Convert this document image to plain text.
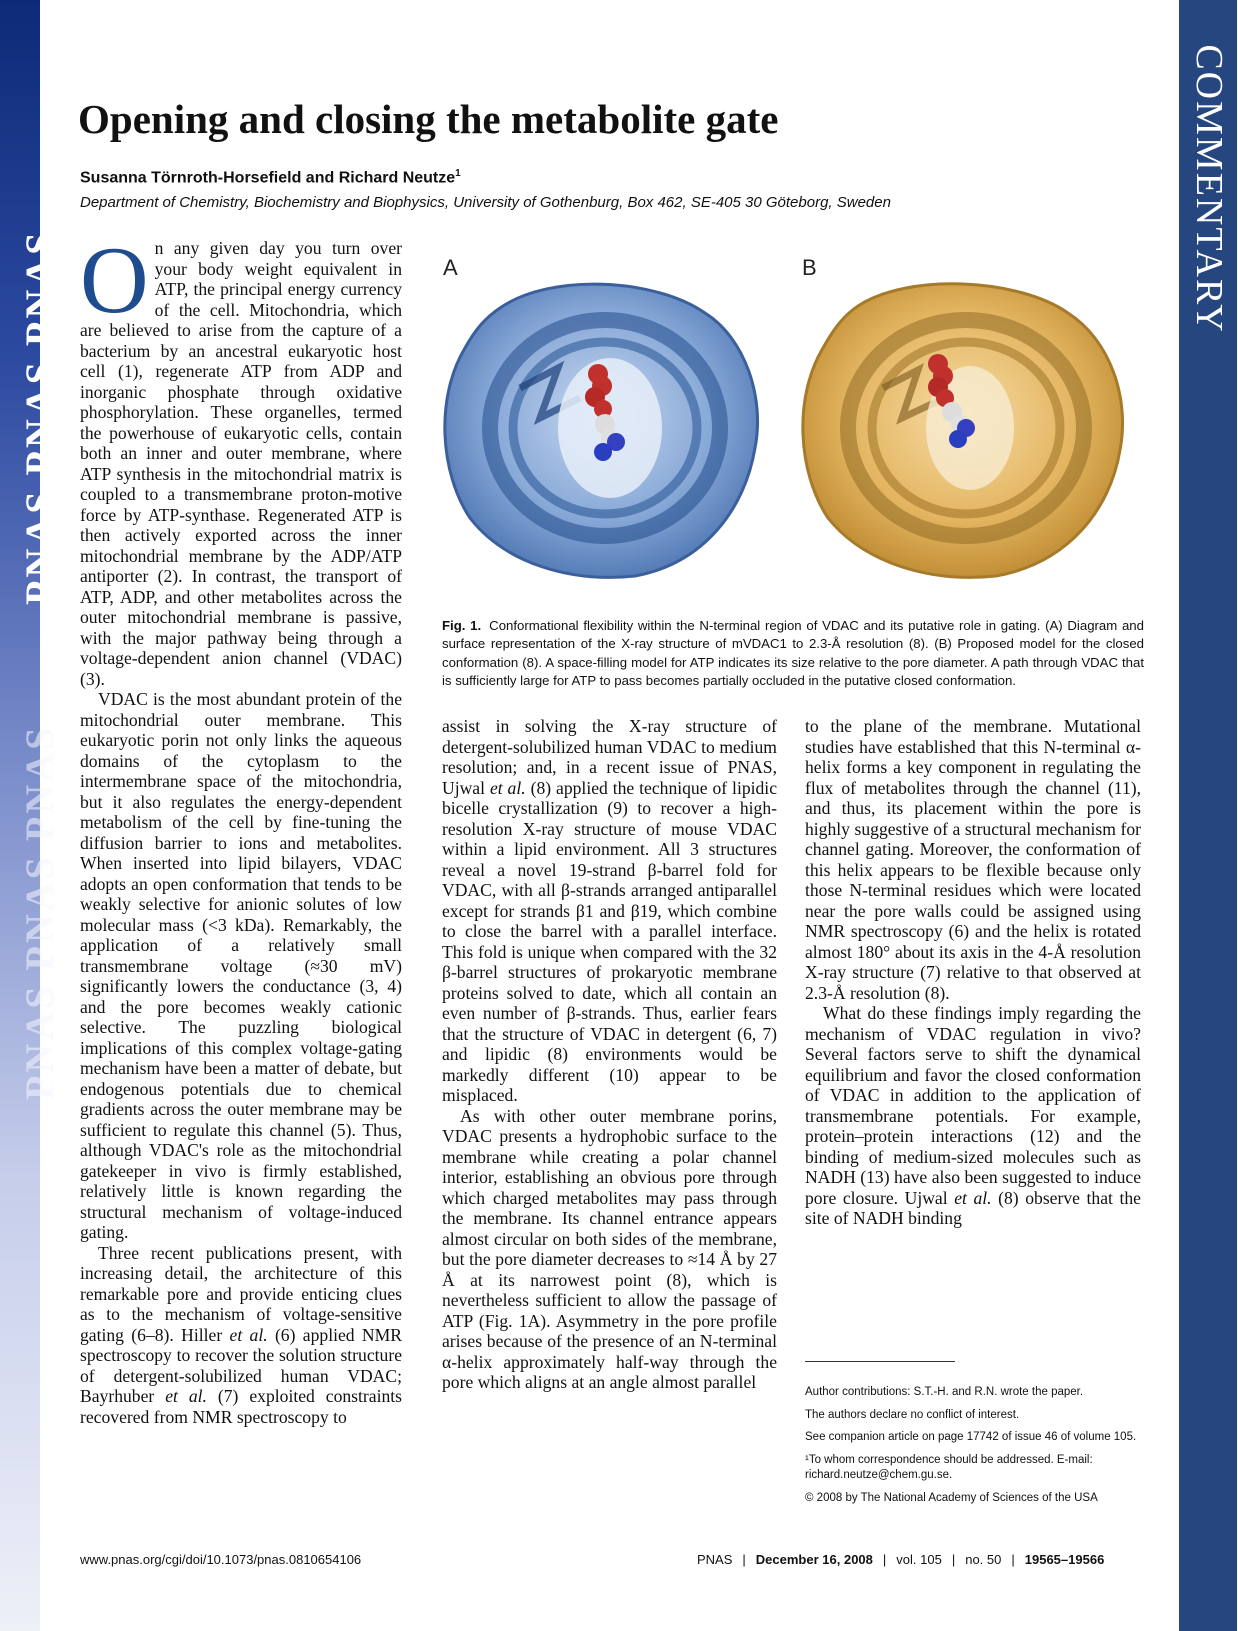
PNAS PNAS PNAS
PNAS PNAS PNAS
COMMENTARY
Opening and closing the metabolite gate
Susanna Törnroth-Horsefield and Richard Neutze$^1$
Department of Chemistry, Biochemistry and Biophysics, University of Gothenburg, Box 462, SE-405 30 Göteborg, Sweden

On any given day you turn over your body weight equivalent in ATP, the principal energy currency of the cell. Mitochondria, which are believed to arise from the capture of a bacterium by an ancestral eukaryotic host cell (1), regenerate ATP from ADP and inorganic phosphate through oxidative phosphorylation. These organelles, termed the powerhouse of eukaryotic cells, contain both an inner and outer membrane, where ATP synthesis in the mitochondrial matrix is coupled to a transmembrane proton-motive force by ATP-synthase. Regenerated ATP is then actively exported across the inner mitochondrial membrane by the ADP/ATP antiporter (2). In contrast, the transport of ATP, ADP, and other metabolites across the outer mitochondrial membrane is passive, with the major pathway being through a voltage-dependent anion channel (VDAC) (3).

VDAC is the most abundant protein of the mitochondrial outer membrane. This eukaryotic porin not only links the aqueous domains of the cytoplasm to the intermembrane space of the mitochondria, but it also regulates the energy-dependent metabolism of the cell by fine-tuning the diffusion barrier to ions and metabolites. When inserted into lipid bilayers, VDAC adopts an open conformation that tends to be weakly selective for anionic solutes of low molecular mass (<3 kDa). Remarkably, the application of a relatively small transmembrane voltage (≈30 mV) significantly lowers the conductance (3, 4) and the pore becomes weakly cationic selective. The puzzling biological implications of this complex voltage-gating mechanism have been a matter of debate, but endogenous potentials due to chemical gradients across the outer membrane may be sufficient to regulate this channel (5). Thus, although VDAC's role as the mitochondrial gatekeeper in vivo is firmly established, relatively little is known regarding the structural mechanism of voltage-induced gating.

Three recent publications present, with increasing detail, the architecture of this remarkable pore and provide enticing clues as to the mechanism of voltage-sensitive gating (6–8). Hiller et al. (6) applied NMR spectroscopy to recover the solution structure of detergent-solubilized human VDAC; Bayrhuber et al. (7) exploited constraints recovered from NMR spectroscopy to

A	B
Fig. 1. Conformational flexibility within the N-terminal region of VDAC and its putative role in gating. (A) Diagram and surface representation of the X-ray structure of mVDAC1 to 2.3-Å resolution (8). (B) Proposed model for the closed conformation (8). A space-filling model for ATP indicates its size relative to the pore diameter. A path through VDAC that is sufficiently large for ATP to pass becomes partially occluded in the putative closed conformation.

assist in solving the X-ray structure of detergent-solubilized human VDAC to medium resolution; and, in a recent issue of PNAS, Ujwal et al. (8) applied the technique of lipidic bicelle crystallization (9) to recover a high-resolution X-ray structure of mouse VDAC within a lipid environment. All 3 structures reveal a novel 19-strand β-barrel fold for VDAC, with all β-strands arranged antiparallel except for strands β1 and β19, which combine to close the barrel with a parallel interface. This fold is unique when compared with the 32 β-barrel structures of prokaryotic membrane proteins solved to date, which all contain an even number of β-strands. Thus, earlier fears that the structure of VDAC in detergent (6, 7) and lipidic (8) environments would be markedly different (10) appear to be misplaced.

As with other outer membrane porins, VDAC presents a hydrophobic surface to the membrane while creating a polar channel interior, establishing an obvious pore through which charged metabolites may pass through the membrane. Its channel entrance appears almost circular on both sides of the membrane, but the pore diameter decreases to ≈14 Å by 27 Å at its narrowest point (8), which is nevertheless sufficient to allow the passage of ATP (Fig. 1A). Asymmetry in the pore profile arises because of the presence of an N-terminal α-helix approximately half-way through the pore which aligns at an angle almost parallel

to the plane of the membrane. Mutational studies have established that this N-terminal α-helix forms a key component in regulating the flux of metabolites through the channel (11), and thus, its placement within the pore is highly suggestive of a structural mechanism for channel gating. Moreover, the conformation of this helix appears to be flexible because only those N-terminal residues which were located near the pore walls could be assigned using NMR spectroscopy (6) and the helix is rotated almost 180° about its axis in the 4-Å resolution X-ray structure (7) relative to that observed at 2.3-Å resolution (8).

What do these findings imply regarding the mechanism of VDAC regulation in vivo? Several factors serve to shift the dynamical equilibrium and favor the closed conformation of VDAC in addition to the application of transmembrane potentials. For example, protein–protein interactions (12) and the binding of medium-sized molecules such as NADH (13) have also been suggested to induce pore closure. Ujwal et al. (8) observe that the site of NADH binding

Author contributions: S.T.-H. and R.N. wrote the paper.
The authors declare no conflict of interest.
See companion article on page 17742 of issue 46 of volume 105.
¹To whom correspondence should be addressed. E-mail: richard.neutze@chem.gu.se.
© 2008 by The National Academy of Sciences of the USA
www.pnas.org/cgi/doi/10.1073/pnas.0810654106	PNAS | December 16, 2008 | vol. 105 | no. 50 | 19565–19566
